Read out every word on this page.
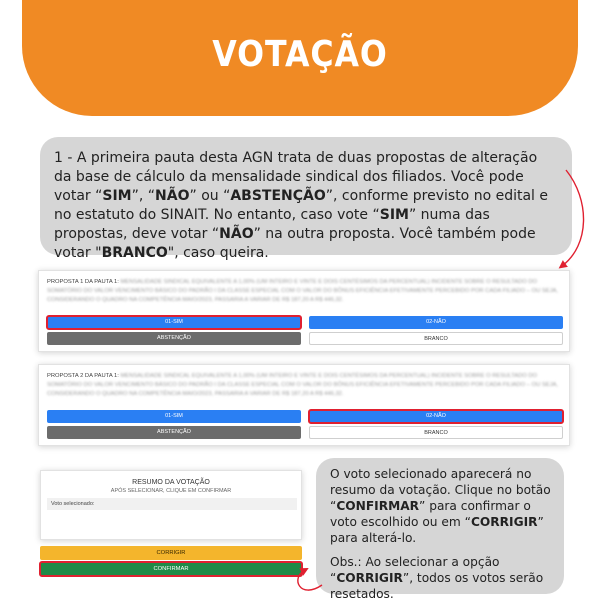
VOTAÇÃO
1 - A primeira pauta desta AGN trata de duas propostas de alteração da base de cálculo da mensalidade sindical dos filiados. Você pode votar “SIM”, “NÃO” ou “ABSTENÇÃO”, conforme previsto no edital e no estatuto do SINAIT. No entanto, caso vote “SIM” numa das propostas, deve votar “NÃO” na outra proposta. Você também pode votar "BRANCO", caso queira.
PROPOSTA 1 DA PAUTA 1: MENSALIDADE SINDICAL EQUIVALENTE A 1,00% (UM INTEIRO E VINTE E DOIS CENTÉSIMOS DA PERCENTUAL) INCIDENTE SOBRE O RESULTADO DO SOMATÓRIO DO VALOR VENCIMENTO BÁSICO DO PADRÃO I DA CLASSE ESPECIAL COM O VALOR DO BÔNUS EFICIÊNCIA EFETIVAMENTE PERCEBIDO POR CADA FILIADO – OU SEJA, CONSIDERANDO O QUADRO NA COMPETÊNCIA MAIO/2023, PASSARIA A VARIAR DE R$ 187,20 A R$ 446,32.
01-SIM	02-NÃO
ABSTENÇÃO	BRANCO
PROPOSTA 2 DA PAUTA 1: MENSALIDADE SINDICAL EQUIVALENTE A 1,00% (UM INTEIRO E VINTE E DOIS CENTÉSIMOS DA PERCENTUAL) INCIDENTE SOBRE O RESULTADO DO SOMATÓRIO DO VALOR VENCIMENTO BÁSICO DO PADRÃO I DA CLASSE ESPECIAL COM O VALOR DO BÔNUS EFICIÊNCIA EFETIVAMENTE PERCEBIDO POR CADA FILIADO – OU SEJA, CONSIDERANDO O QUADRO NA COMPETÊNCIA MAIO/2023, PASSARIA A VARIAR DE R$ 187,20 A R$ 446,32.
01-SIM	02-NÃO
ABSTENÇÃO	BRANCO
RESUMO DA VOTAÇÃO
APÓS SELECIONAR, CLIQUE EM CONFIRMAR
Voto selecionado:
CORRIGIR
CONFIRMAR

O voto selecionado aparecerá no resumo da votação. Clique no botão “CONFIRMAR” para confirmar o voto escolhido ou em “CORRIGIR” para alterá-lo.

Obs.: Ao selecionar a opção “CORRIGIR”, todos os votos serão resetados.
